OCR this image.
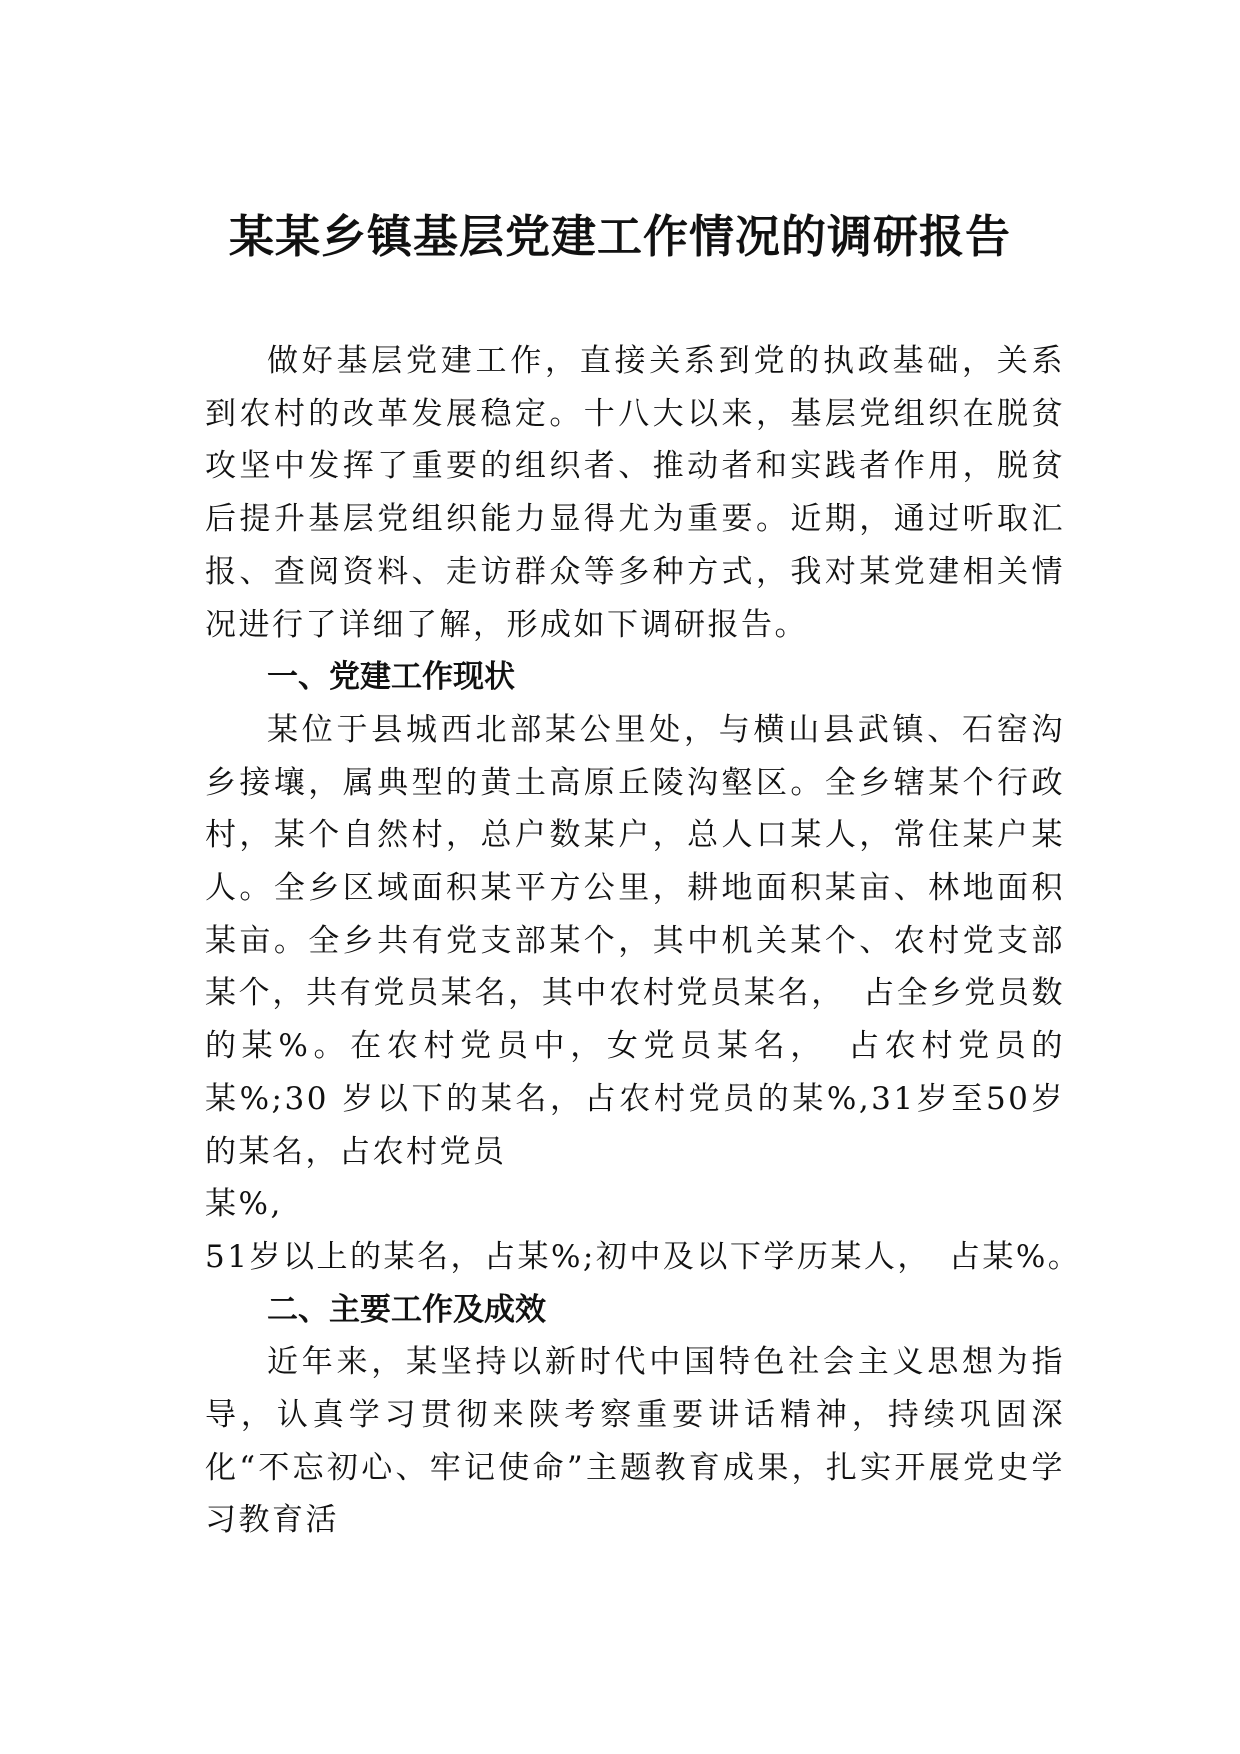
某某乡镇基层党建工作情况的调研报告

做好基层党建工作，直接关系到党的执政基础，关系到农村的改革发展稳定。十八大以来，基层党组织在脱贫攻坚中发挥了重要的组织者、推动者和实践者作用，脱贫后提升基层党组织能力显得尤为重要。近期，通过听取汇报、查阅资料、走访群众等多种方式，我对某党建相关情况进行了详细了解，形成如下调研报告。

一、党建工作现状

某位于县城西北部某公里处，与横山县武镇、石窑沟乡接壤，属典型的黄土高原丘陵沟壑区。全乡辖某个行政村，某个自然村，总户数某户，总人口某人，常住某户某人。全乡区域面积某平方公里，耕地面积某亩、林地面积某亩。全乡共有党支部某个，其中机关某个、农村党支部某个，共有党员某名，其中农村党员某名，　占全乡党员数的某%。在农村党员中，女党员某名，　占农村党员的某%;30 岁以下的某名，占农村党员的某%,31岁至50岁的某名，占农村党员

某%,

51岁以上的某名，占某%;初中及以下学历某人，　占某%。

二、主要工作及成效

近年来，某坚持以新时代中国特色社会主义思想为指导，认真学习贯彻来陕考察重要讲话精神，持续巩固深化“不忘初心、牢记使命”主题教育成果，扎实开展党史学习教育活
